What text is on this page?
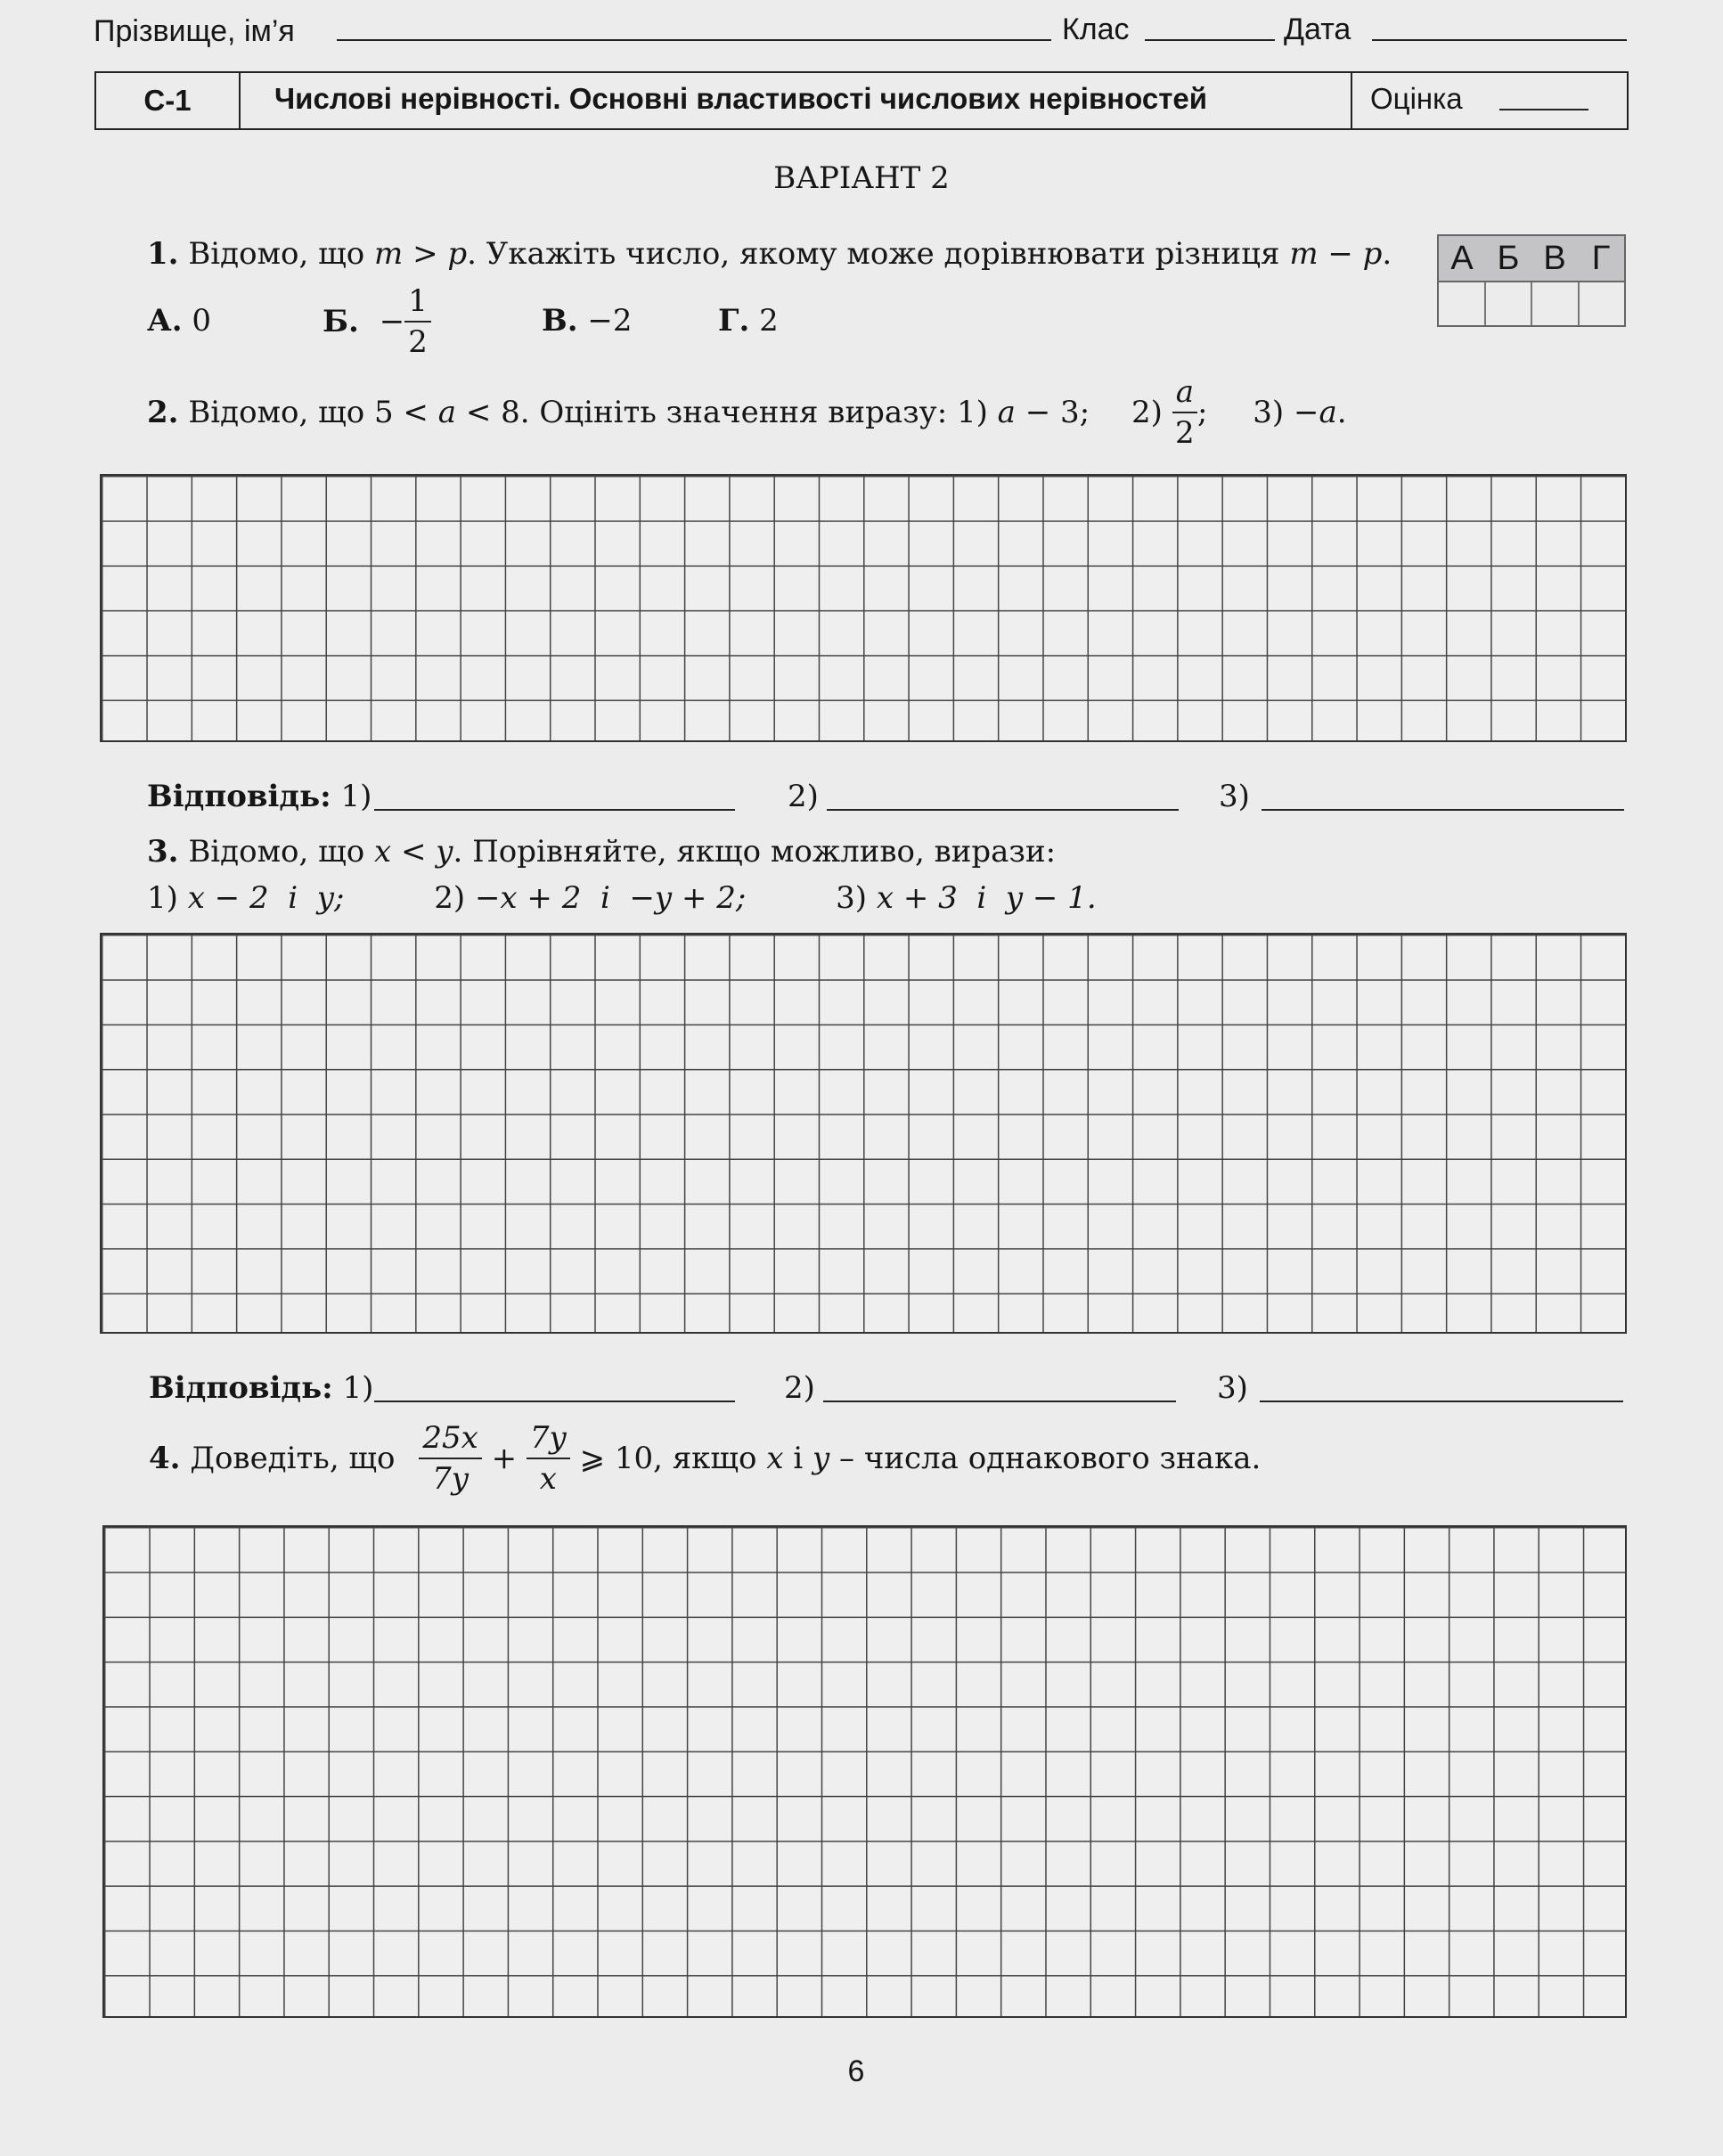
Прізвище, ім’я	Клас	Дата
С-1	Числові нерівності. Основні властивості числових нерівностей	Оцінка
ВАРІАНТ 2
1. Відомо, що m > p. Укажіть число, якому може дорівнювати різниця m − p.	А Б В Г
А. 0	Б. − $\frac{1}{2}$	В. −2	Г. 2
2. Відомо, що 5 < a < 8. Оцініть значення виразу: 1) a − 3; $2) \frac{a}{2}$ ; 3) −a.
Відповідь: 1)	2)	3)
3. Відомо, що x < y. Порівняйте, якщо можливо, вирази:
1) x − 2  і  y;	2) −x + 2  і  −y + 2;	3) x + 3  і  y − 1.
Відповідь: 1)	2)	3)
4. Доведіть, що $\frac{25x}{7y} + \frac{7y}{x}$ ⩾ 10, якщо x і y – числа однакового знака.
6
